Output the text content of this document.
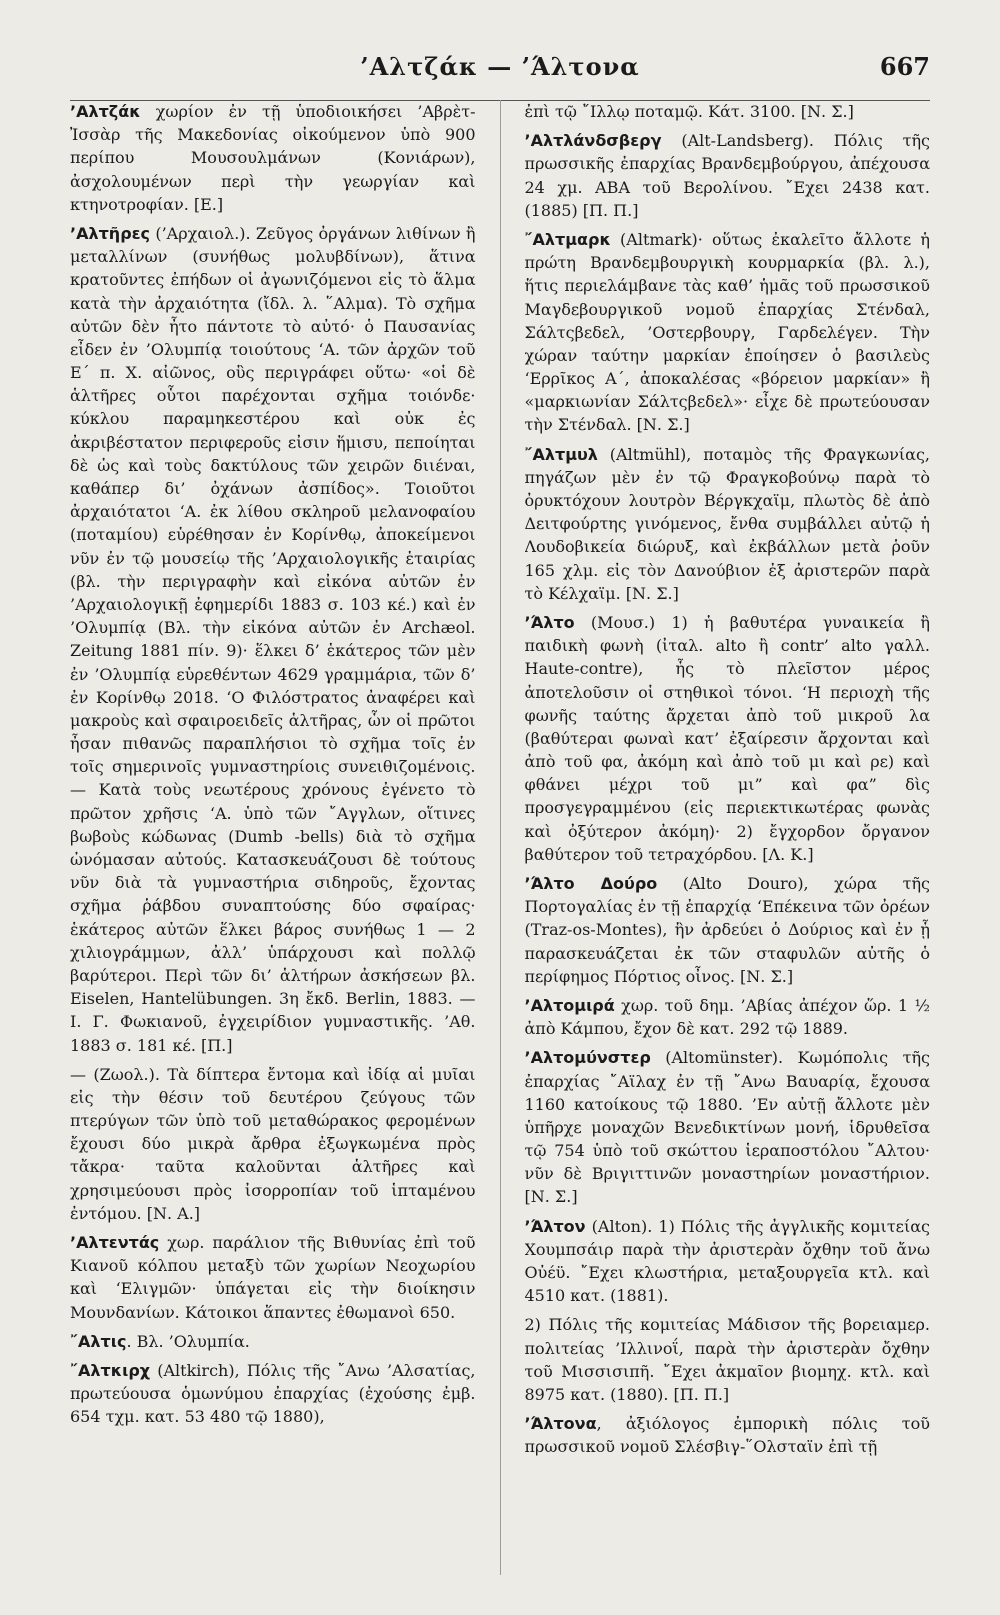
’Αλτζάκ — ’Άλτονα	667

’Αλτζάκ χωρίον ἐν τῇ ὑποδιοικήσει ’Αβρὲτ-Ἰσσὰρ τῆς Μακεδονίας οἰκούμενον ὑπὸ 900 περίπου Μουσουλμάνων (Κονιάρων), ἀσχολουμένων περὶ τὴν γεωργίαν καὶ κτηνοτροφίαν. [Ε.]

’Αλτῆρες (’Αρχαιολ.). Ζεῦγος ὀργάνων λιθίνων ἢ μεταλλίνων (συνήθως μολυβδίνων), ἅτινα κρατοῦντες ἐπήδων οἱ ἀγωνιζόμενοι εἰς τὸ ἅλμα κατὰ τὴν ἀρχαιότητα (ἴδλ. λ. ῞Αλμα). Τὸ σχῆμα αὐτῶν δὲν ἦτο πάντοτε τὸ αὐτό· ὁ Παυσανίας εἶδεν ἐν ’Ολυμπίᾳ τοιούτους ‘Α. τῶν ἀρχῶν τοῦ Ε΄ π. Χ. αἰῶνος, οὓς περιγράφει οὕτω· «οἱ δὲ ἁλτῆρες οὗτοι παρέχονται σχῆμα τοιόνδε· κύκλου παραμηκεστέρου καὶ οὐκ ἐς ἀκριβέστατον περιφεροῦς εἰσιν ἥμισυ, πεποίηται δὲ ὡς καὶ τοὺς δακτύλους τῶν χειρῶν διιέναι, καθάπερ δι’ ὀχάνων ἀσπίδος». Τοιοῦτοι ἀρχαιότατοι ‘Α. ἐκ λίθου σκληροῦ μελανοφαίου (ποταμίου) εὑρέθησαν ἐν Κορίνθῳ, ἀποκείμενοι νῦν ἐν τῷ μουσείῳ τῆς ’Αρχαιολογικῆς ἑταιρίας (βλ. τὴν περιγραφὴν καὶ εἰκόνα αὐτῶν ἐν ’Αρχαιολογικῇ ἐφημερίδι 1883 σ. 103 κέ.) καὶ ἐν ’Ολυμπίᾳ (Βλ. τὴν εἰκόνα αὐτῶν ἐν Archæol. Zeitung 1881 πίν. 9)· ἕλκει δ’ ἑκάτερος τῶν μὲν ἐν ’Ολυμπίᾳ εὑρεθέντων 4629 γραμμάρια, τῶν δ’ ἐν Κορίνθῳ 2018. ‘Ο Φιλόστρατος ἀναφέρει καὶ μακροὺς καὶ σφαιροειδεῖς ἁλτῆρας, ὧν οἱ πρῶτοι ἦσαν πιθανῶς παραπλήσιοι τὸ σχῆμα τοῖς ἐν τοῖς σημερινοῖς γυμναστηρίοις συνειθιζομένοις. — Κατὰ τοὺς νεωτέρους χρόνους ἐγένετο τὸ πρῶτον χρῆσις ‘Α. ὑπὸ τῶν ῎Αγγλων, οἵτινες βωβοὺς κώδωνας (Dumb -bells) διὰ τὸ σχῆμα ὠνόμασαν αὐτούς. Κατασκευάζουσι δὲ τούτους νῦν διὰ τὰ γυμναστήρια σιδηροῦς, ἔχοντας σχῆμα ῥάβδου συναπτούσης δύο σφαίρας· ἑκάτερος αὐτῶν ἕλκει βάρος συνήθως 1 — 2 χιλιογράμμων, ἀλλ’ ὑπάρχουσι καὶ πολλῷ βαρύτεροι. Περὶ τῶν δι’ ἁλτήρων ἀσκήσεων βλ. Eiselen, Hantelübungen. 3η ἔκδ. Berlin, 1883. — Ι. Γ. Φωκιανοῦ, ἐγχειρίδιον γυμναστικῆς. ’Αθ. 1883 σ. 181 κέ. [Π.]

— (Ζωολ.). Τὰ δίπτερα ἔντομα καὶ ἰδίᾳ αἱ μυῖαι εἰς τὴν θέσιν τοῦ δευτέρου ζεύγους τῶν πτερύγων τῶν ὑπὸ τοῦ μεταθώρακος φερομένων ἔχουσι δύο μικρὰ ἄρθρα ἐξωγκωμένα πρὸς τἄκρα· ταῦτα καλοῦνται ἁλτῆρες καὶ χρησιμεύουσι πρὸς ἰσορροπίαν τοῦ ἱπταμένου ἐντόμου. [Ν. Α.]

’Αλτεντάς χωρ. παράλιον τῆς Βιθυνίας ἐπὶ τοῦ Κιανοῦ κόλπου μεταξὺ τῶν χωρίων Νεοχωρίου καὶ ‘Ελιγμῶν· ὑπάγεται εἰς τὴν διοίκησιν Μουνδανίων. Κάτοικοι ἅπαντες ἐθωμανοὶ 650.

῎Αλτις. Βλ. ’Ολυμπία.

῎Αλτκιρχ (Altkirch), Πόλις τῆς ῎Ανω ’Αλσατίας, πρωτεύουσα ὁμωνύμου ἐπαρχίας (ἐχούσης ἐμβ. 654 τχμ. κατ. 53 480 τῷ 1880),

ἐπὶ τῷ ῎Ιλλῳ ποταμῷ. Κάτ. 3100. [Ν. Σ.]

’Αλτλάνδσβεργ (Alt-Landsberg). Πόλις τῆς πρωσσικῆς ἐπαρχίας Βρανδεμβούργου, ἀπέχουσα 24 χμ. ΑΒΑ τοῦ Βερολίνου. ῎Εχει 2438 κατ. (1885) [Π. Π.]

῎Αλτμαρκ (Altmark)· οὕτως ἐκαλεῖτο ἄλλοτε ἡ πρώτη Βρανδεμβουργικὴ κουρμαρκία (βλ. λ.), ἥτις περιελάμβανε τὰς καθ’ ἡμᾶς τοῦ πρωσσικοῦ Μαγδεβουργικοῦ νομοῦ ἐπαρχίας Στένδαλ, Σάλτςβεδελ, ’Οστερβουργ, Γαρδελέγεν. Τὴν χώραν ταύτην μαρκίαν ἐποίησεν ὁ βασιλεὺς ‘Ερρῖκος Α΄, ἀποκαλέσας «βόρειον μαρκίαν» ἢ «μαρκιωνίαν Σάλτςβεδελ»· εἶχε δὲ πρωτεύουσαν τὴν Στένδαλ. [Ν. Σ.]

῎Αλτμυλ (Altmühl), ποταμὸς τῆς Φραγκωνίας, πηγάζων μὲν ἐν τῷ Φραγκοβούνῳ παρὰ τὸ ὀρυκτόχουν λουτρὸν Βέργκχαϊμ, πλωτὸς δὲ ἀπὸ Δειτφούρτης γινόμενος, ἔνθα συμβάλλει αὐτῷ ἡ Λουδοβικεία διώρυξ, καὶ ἐκβάλλων μετὰ ῥοῦν 165 χλμ. εἰς τὸν Δανούβιον ἐξ ἀριστερῶν παρὰ τὸ Κέλχαϊμ. [Ν. Σ.]

’Άλτο (Μουσ.) 1) ἡ βαθυτέρα γυναικεία ἢ παιδικὴ φωνὴ (ἰταλ. alto ἢ contr’ alto γαλλ. Haute-contre), ἧς τὸ πλεῖστον μέρος ἀποτελοῦσιν οἱ στηθικοὶ τόνοι. ‘Η περιοχὴ τῆς φωνῆς ταύτης ἄρχεται ἀπὸ τοῦ μικροῦ λα (βαθύτεραι φωναὶ κατ’ ἐξαίρεσιν ἄρχονται καὶ ἀπὸ τοῦ φα, ἀκόμη καὶ ἀπὸ τοῦ μι καὶ ρε) καὶ φθάνει μέχρι τοῦ μι” καὶ φα” δὶς προσγεγραμμένου (εἰς περιεκτικωτέρας φωνὰς καὶ ὀξύτερον ἀκόμη)· 2) ἔγχορδον ὄργανον βαθύτερον τοῦ τετραχόρδου. [Λ. Κ.]

’Άλτο Δούρο (Alto Douro), χώρα τῆς Πορτογαλίας ἐν τῇ ἐπαρχίᾳ ‘Επέκεινα τῶν ὀρέων (Traz-os-Montes), ἣν ἀρδεύει ὁ Δούριος καὶ ἐν ᾗ παρασκευάζεται ἐκ τῶν σταφυλῶν αὐτῆς ὁ περίφημος Πόρτιος οἶνος. [Ν. Σ.]

’Αλτομιρά χωρ. τοῦ δημ. ’Αβίας ἀπέχον ὥρ. 1 ½ ἀπὸ Κάμπου, ἔχον δὲ κατ. 292 τῷ 1889.

’Αλτομύνστερ (Altomünster). Κωμόπολις τῆς ἐπαρχίας ῎Αϊλαχ ἐν τῇ ῎Ανω Βαυαρίᾳ, ἔχουσα 1160 κατοίκους τῷ 1880. ’Εν αὐτῇ ἄλλοτε μὲν ὑπῆρχε μοναχῶν Βενεδικτίνων μονή, ἱδρυθεῖσα τῷ 754 ὑπὸ τοῦ σκώττου ἱεραποστόλου ῎Αλτου· νῦν δὲ Βριγιττινῶν μοναστηρίων μοναστήριον. [Ν. Σ.]

’Άλτον (Alton). 1) Πόλις τῆς ἀγγλικῆς κομιτείας Χουμπσάιρ παρὰ τὴν ἀριστερὰν ὄχθην τοῦ ἄνω Οὐέϋ. ῎Εχει κλωστήρια, μεταξουργεῖα κτλ. καὶ 4510 κατ. (1881).

2) Πόλις τῆς κομιτείας Μάδισον τῆς βορειαμερ. πολιτείας ’Ιλλινοΐ, παρὰ τὴν ἀριστερὰν ὄχθην τοῦ Μισσισιπῆ. ῎Εχει ἀκμαῖον βιομηχ. κτλ. καὶ 8975 κατ. (1880). [Π. Π.]

’Άλτονα, ἀξιόλογος ἐμπορικὴ πόλις τοῦ πρωσσικοῦ νομοῦ Σλέσβιγ-῞Ολσταϊν ἐπὶ τῇ
